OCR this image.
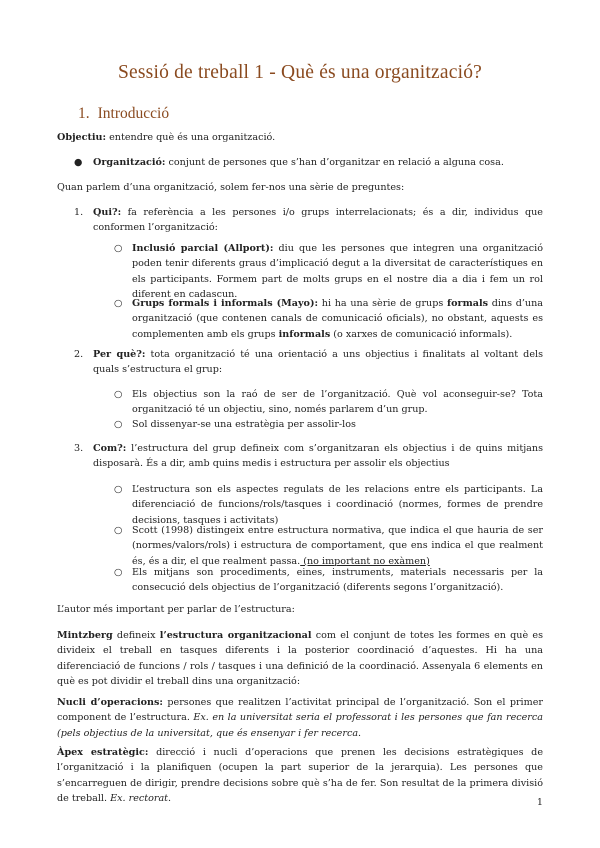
Sessió de treball 1 - Què és una organització?
1. Introducció
Objectiu: entendre què és una organització.
● Organització: conjunt de persones que s’han d’organitzar en relació a alguna cosa.
Quan parlem d’una organització, solem fer-nos una sèrie de preguntes:
1. Qui?: fa referència a les persones i/o grups interrelacionats; és a dir, individus que conformen l’organització:
○ Inclusió parcial (Allport): diu que les persones que integren una organització poden tenir diferents graus d’implicació degut a la diversitat de característiques en els participants. Formem part de molts grups en el nostre dia a dia i fem un rol diferent en cadascun.
○ Grups formals i informals (Mayo): hi ha una sèrie de grups formals dins d’una organització (que contenen canals de comunicació oficials), no obstant, aquests es complementen amb els grups informals (o xarxes de comunicació informals).
2. Per què?: tota organització té una orientació a uns objectius i finalitats al voltant dels quals s’estructura el grup:
○ Els objectius son la raó de ser de l’organització. Què vol aconseguir-se? Tota organització té un objectiu, sino, només parlarem d’un grup.
○ Sol dissenyar-se una estratègia per assolir-los
3. Com?: l’estructura del grup defineix com s’organitzaran els objectius i de quins mitjans disposarà. És a dir, amb quins medis i estructura per assolir els objectius
○ L’estructura son els aspectes regulats de les relacions entre els participants. La diferenciació de funcions/rols/tasques i coordinació (normes, formes de prendre decisions, tasques i activitats)
○ Scott (1998) distingeix entre estructura normativa, que indica el que hauria de ser (normes/valors/rols) i estructura de comportament, que ens indica el que realment és, és a dir, el que realment passa. (no important no exàmen)
○ Els mitjans son procediments, eines, instruments, materials necessaris per la consecució dels objectius de l’organització (diferents segons l’organització).
L’autor més important per parlar de l’estructura:
Mintzberg defineix l’estructura organitzacional com el conjunt de totes les formes en què es divideix el treball en tasques diferents i la posterior coordinació d’aquestes. Hi ha una diferenciació de funcions / rols / tasques i una definició de la coordinació. Assenyala 6 elements en què es pot dividir el treball dins una organització:
Nucli d’operacions: persones que realitzen l’activitat principal de l’organització. Son el primer component de l’estructura. Ex. en la universitat seria el professorat i les persones que fan recerca (pels objectius de la universitat, que és ensenyar i fer recerca.
Àpex estratègic: direcció i nucli d’operacions que prenen les decisions estratègiques de l’organització i la planifiquen (ocupen la part superior de la jerarquia). Les persones que s’encarreguen de dirigir, prendre decisions sobre què s’ha de fer. Son resultat de la primera divisió de treball. Ex. rectorat.	1
